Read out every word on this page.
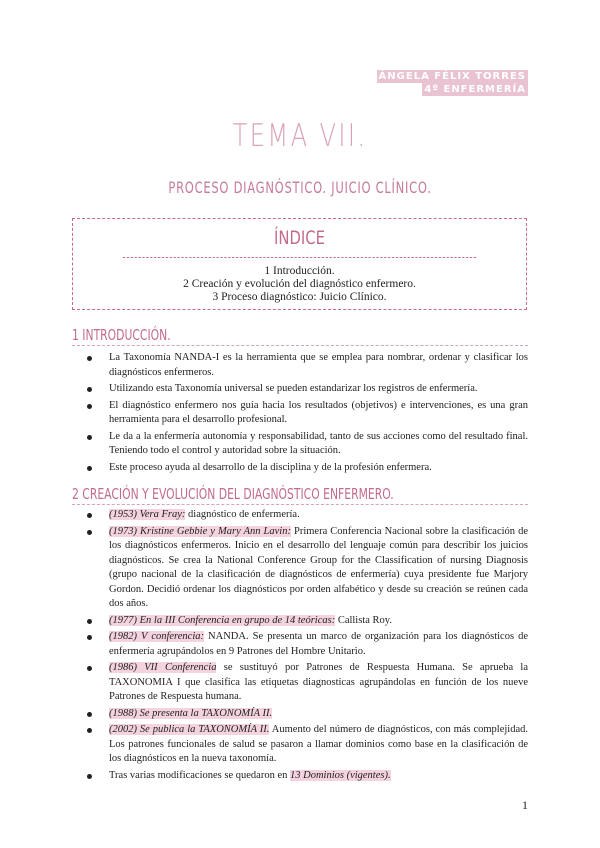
ÁNGELA FÉLIX TORRES
4º ENFERMERÍA
TEMA VII.
PROCESO DIAGNÓSTICO. JUICIO CLÍNICO.
ÍNDICE
1 Introducción.
2 Creación y evolución del diagnóstico enfermero.
3 Proceso diagnóstico: Juicio Clínico.
1 INTRODUCCIÓN.
La Taxonomía NANDA-I es la herramienta que se emplea para nombrar, ordenar y clasificar los diagnósticos enfermeros.
Utilizando esta Taxonomía universal se pueden estandarizar los registros de enfermería.
El diagnóstico enfermero nos guía hacia los resultados (objetivos) e intervenciones, es una gran herramienta para el desarrollo profesional.
Le da a la enfermería autonomía y responsabilidad, tanto de sus acciones como del resultado final. Teniendo todo el control y autoridad sobre la situación.
Este proceso ayuda al desarrollo de la disciplina y de la profesión enfermera.
2 CREACIÓN Y EVOLUCIÓN DEL DIAGNÓSTICO ENFERMERO.
(1953) Vera Fray: diagnóstico de enfermería.
(1973) Kristine Gebbie y Mary Ann Lavin: Primera Conferencia Nacional sobre la clasificación de los diagnósticos enfermeros. Inicio en el desarrollo del lenguaje común para describir los juicios diagnósticos. Se crea la National Conference Group for the Classification of nursing Diagnosis (grupo nacional de la clasificación de diagnósticos de enfermería) cuya presidente fue Marjory Gordon. Decidió ordenar los diagnósticos por orden alfabético y desde su creación se reúnen cada dos años.
(1977) En la III Conferencia en grupo de 14 teóricas: Callista Roy.
(1982) V conferencia: NANDA. Se presenta un marco de organización para los diagnósticos de enfermería agrupándolos en 9 Patrones del Hombre Unitario.
(1986) VII Conferencia se sustituyó por Patrones de Respuesta Humana. Se aprueba la TAXONOMIA I que clasifica las etiquetas diagnosticas agrupándolas en función de los nueve Patrones de Respuesta humana.
(1988) Se presenta la TAXONOMÍA II.
(2002) Se publica la TAXONOMÍA II. Aumento del número de diagnósticos, con más complejidad. Los patrones funcionales de salud se pasaron a llamar dominios como base en la clasificación de los diagnósticos en la nueva taxonomía.
Tras varias modificaciones se quedaron en 13 Dominios (vigentes).
1
